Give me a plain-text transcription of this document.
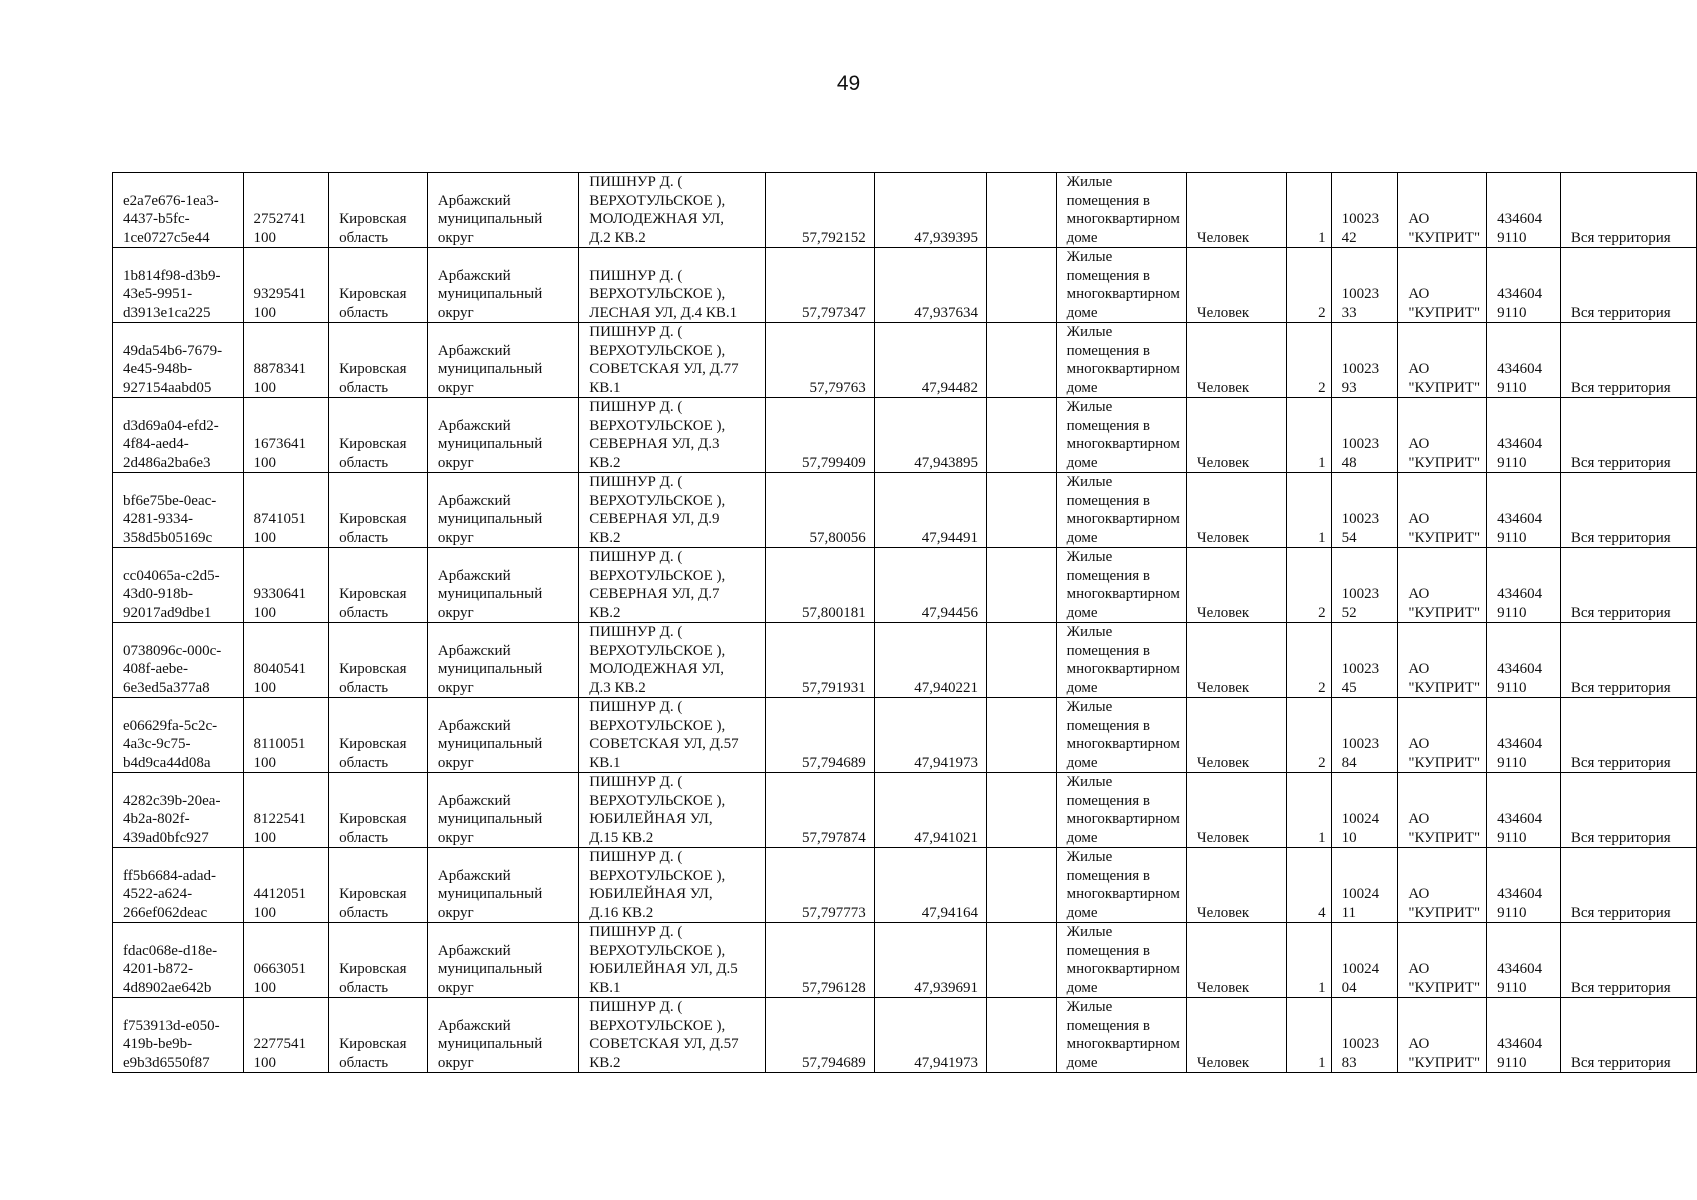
49
e2a7e676-1ea3-
4437-b5fc-
1ce0727c5e44	2752741
100	Кировская
область	Арбажский
муниципальный
округ	ПИШНУР Д. (
ВЕРХОТУЛЬСКОЕ ),
МОЛОДЕЖНАЯ УЛ,
Д.2 КВ.2	57,792152	47,939395		Жилые
помещения в
многоквартирном доме	Человек	1	10023
42	АО
"КУПРИТ"	434604
9110	Вся территория
1b814f98-d3b9-
43e5-9951-
d3913e1ca225	9329541
100	Кировская
область	Арбажский
муниципальный
округ	ПИШНУР Д. (
ВЕРХОТУЛЬСКОЕ ),
ЛЕСНАЯ УЛ, Д.4 КВ.1	57,797347	47,937634		Жилые
помещения в
многоквартирном доме	Человек	2	10023
33	АО
"КУПРИТ"	434604
9110	Вся территория
49da54b6-7679-
4e45-948b-
927154aabd05	8878341
100	Кировская
область	Арбажский
муниципальный
округ	ПИШНУР Д. (
ВЕРХОТУЛЬСКОЕ ),
СОВЕТСКАЯ УЛ, Д.77
КВ.1	57,79763	47,94482		Жилые
помещения в
многоквартирном доме	Человек	2	10023
93	АО
"КУПРИТ"	434604
9110	Вся территория
d3d69a04-efd2-
4f84-aed4-
2d486a2ba6e3	1673641
100	Кировская
область	Арбажский
муниципальный
округ	ПИШНУР Д. (
ВЕРХОТУЛЬСКОЕ ),
СЕВЕРНАЯ УЛ, Д.3
КВ.2	57,799409	47,943895		Жилые
помещения в
многоквартирном доме	Человек	1	10023
48	АО
"КУПРИТ"	434604
9110	Вся территория
bf6e75be-0eac-
4281-9334-
358d5b05169c	8741051
100	Кировская
область	Арбажский
муниципальный
округ	ПИШНУР Д. (
ВЕРХОТУЛЬСКОЕ ),
СЕВЕРНАЯ УЛ, Д.9
КВ.2	57,80056	47,94491		Жилые
помещения в
многоквартирном доме	Человек	1	10023
54	АО
"КУПРИТ"	434604
9110	Вся территория
cc04065a-c2d5-
43d0-918b-
92017ad9dbe1	9330641
100	Кировская
область	Арбажский
муниципальный
округ	ПИШНУР Д. (
ВЕРХОТУЛЬСКОЕ ),
СЕВЕРНАЯ УЛ, Д.7
КВ.2	57,800181	47,94456		Жилые
помещения в
многоквартирном доме	Человек	2	10023
52	АО
"КУПРИТ"	434604
9110	Вся территория
0738096c-000c-
408f-aebe-
6e3ed5a377a8	8040541
100	Кировская
область	Арбажский
муниципальный
округ	ПИШНУР Д. (
ВЕРХОТУЛЬСКОЕ ),
МОЛОДЕЖНАЯ УЛ,
Д.3 КВ.2	57,791931	47,940221		Жилые
помещения в
многоквартирном доме	Человек	2	10023
45	АО
"КУПРИТ"	434604
9110	Вся территория
e06629fa-5c2c-
4a3c-9c75-
b4d9ca44d08a	8110051
100	Кировская
область	Арбажский
муниципальный
округ	ПИШНУР Д. (
ВЕРХОТУЛЬСКОЕ ),
СОВЕТСКАЯ УЛ, Д.57
КВ.1	57,794689	47,941973		Жилые
помещения в
многоквартирном доме	Человек	2	10023
84	АО
"КУПРИТ"	434604
9110	Вся территория
4282c39b-20ea-
4b2a-802f-
439ad0bfc927	8122541
100	Кировская
область	Арбажский
муниципальный
округ	ПИШНУР Д. (
ВЕРХОТУЛЬСКОЕ ),
ЮБИЛЕЙНАЯ УЛ,
Д.15 КВ.2	57,797874	47,941021		Жилые
помещения в
многоквартирном доме	Человек	1	10024
10	АО
"КУПРИТ"	434604
9110	Вся территория
ff5b6684-adad-
4522-a624-
266ef062deac	4412051
100	Кировская
область	Арбажский
муниципальный
округ	ПИШНУР Д. (
ВЕРХОТУЛЬСКОЕ ),
ЮБИЛЕЙНАЯ УЛ,
Д.16 КВ.2	57,797773	47,94164		Жилые
помещения в
многоквартирном доме	Человек	4	10024
11	АО
"КУПРИТ"	434604
9110	Вся территория
fdac068e-d18e-
4201-b872-
4d8902ae642b	0663051
100	Кировская
область	Арбажский
муниципальный
округ	ПИШНУР Д. (
ВЕРХОТУЛЬСКОЕ ),
ЮБИЛЕЙНАЯ УЛ, Д.5
КВ.1	57,796128	47,939691		Жилые
помещения в
многоквартирном доме	Человек	1	10024
04	АО
"КУПРИТ"	434604
9110	Вся территория
f753913d-e050-
419b-be9b-
e9b3d6550f87	2277541
100	Кировская
область	Арбажский
муниципальный
округ	ПИШНУР Д. (
ВЕРХОТУЛЬСКОЕ ),
СОВЕТСКАЯ УЛ, Д.57
КВ.2	57,794689	47,941973		Жилые
помещения в
многоквартирном доме	Человек	1	10023
83	АО
"КУПРИТ"	434604
9110	Вся территория
